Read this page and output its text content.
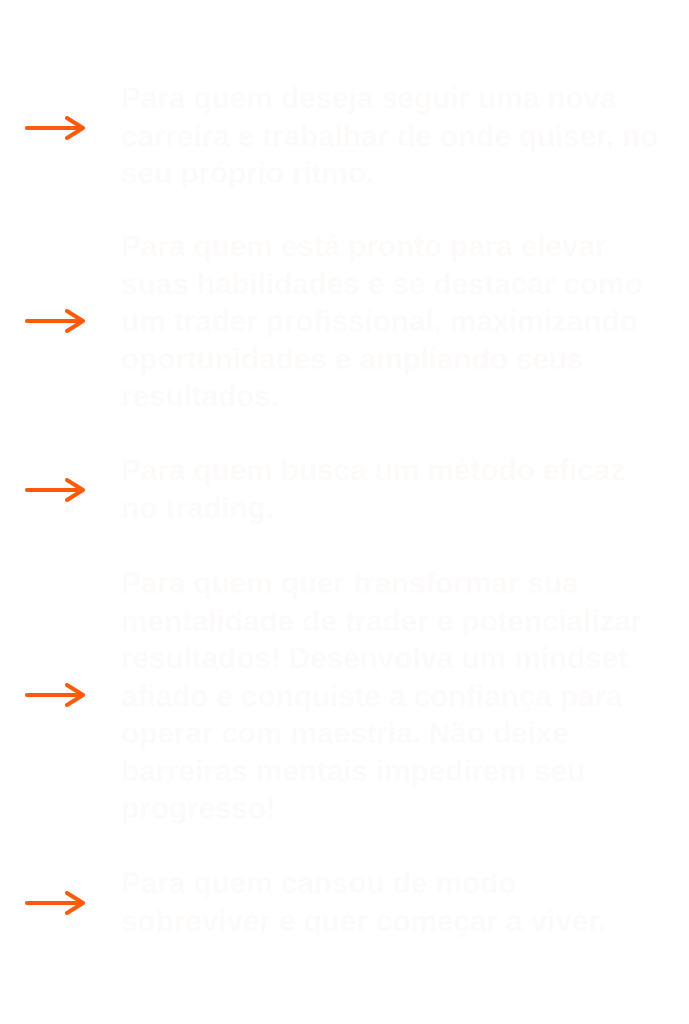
Para quem deseja seguir uma nova carreira e trabalhar de onde quiser, no seu próprio ritmo.

Para quem está pronto para elevar suas habilidades e se destacar como um trader profissional, maximizando oportunidades e ampliando seus resultados.

Para quem busca um método eficaz no trading.

Para quem quer transformar sua mentalidade de trader e potencializar resultados! Desenvolva um mindset afiado e conquiste a confiança para operar com maestria. Não deixe barreiras mentais impedirem seu progresso!

Para quem cansou de modo sobreviver e quer começar a viver.
